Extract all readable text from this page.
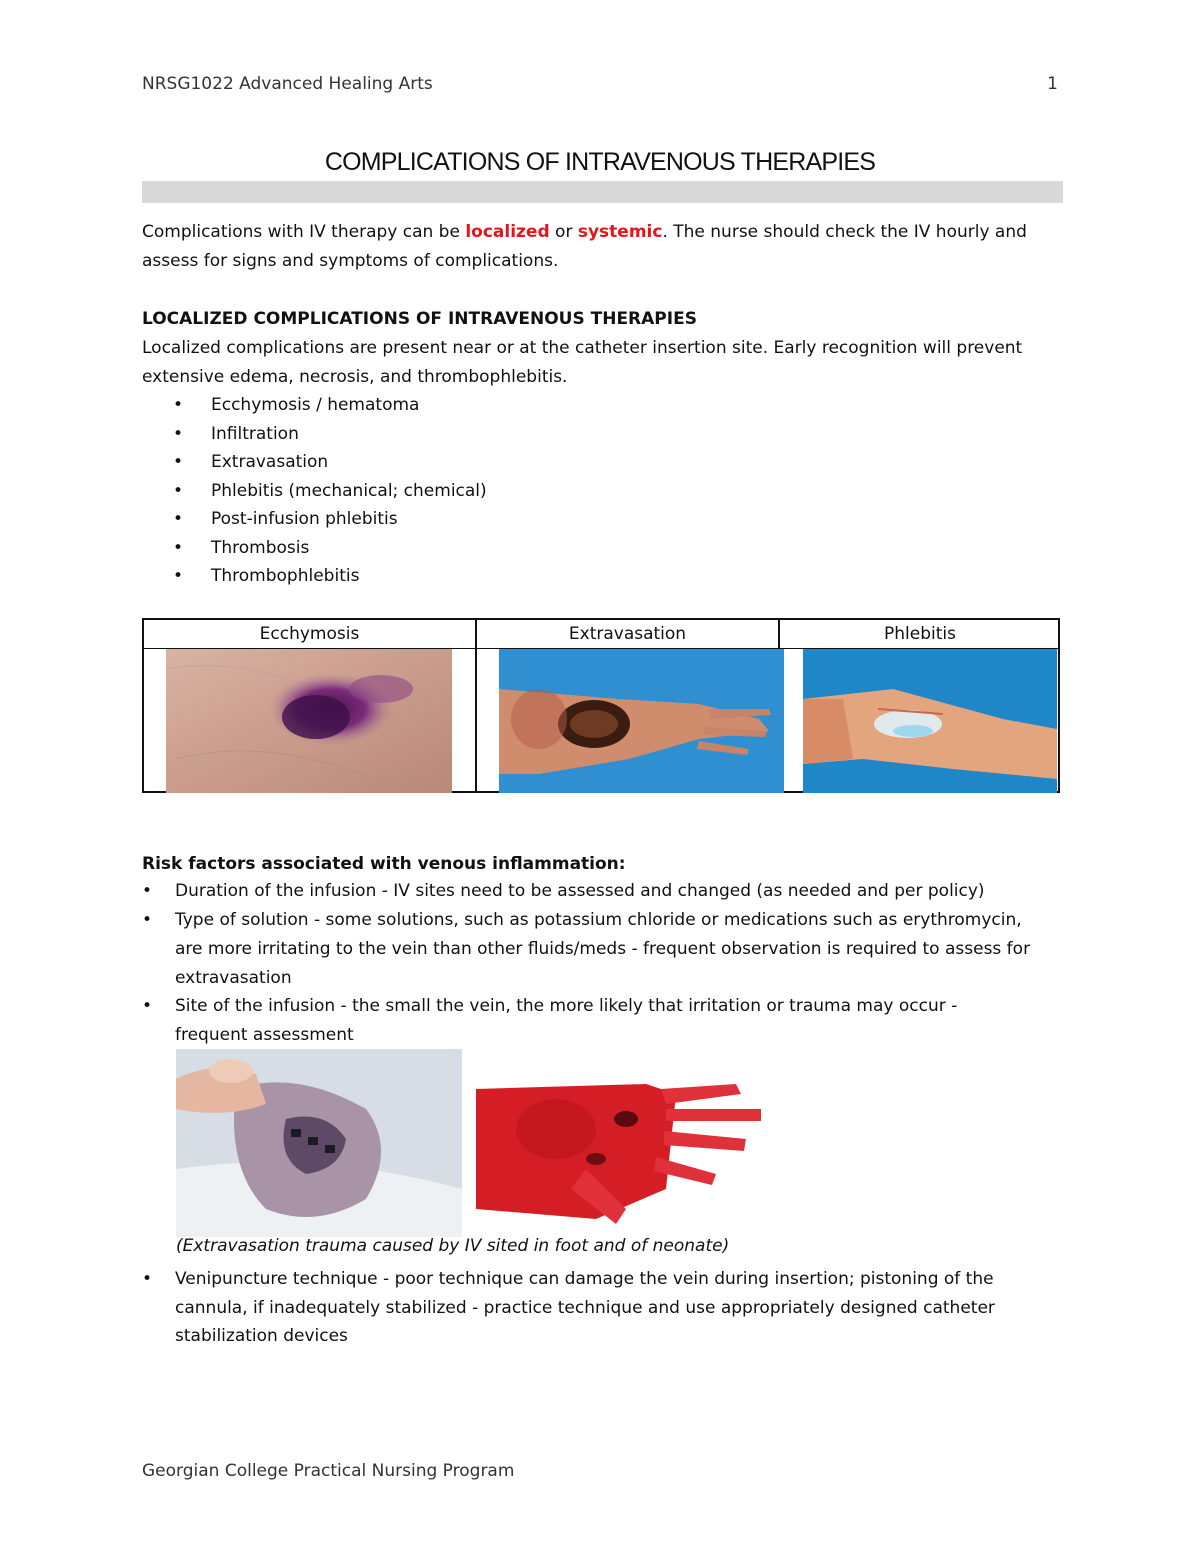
NRSG1022 Advanced Healing Arts	1
COMPLICATIONS OF INTRAVENOUS THERAPIES
Complications with IV therapy can be localized or systemic. The nurse should check the IV hourly and assess for signs and symptoms of complications.
LOCALIZED COMPLICATIONS OF INTRAVENOUS THERAPIES
Localized complications are present near or at the catheter insertion site. Early recognition will prevent extensive edema, necrosis, and thrombophlebitis.
• Ecchymosis / hematoma
• Infiltration
• Extravasation
• Phlebitis (mechanical; chemical)
• Post-infusion phlebitis
• Thrombosis
• Thrombophlebitis
Ecchymosis	Extravasation	Phlebitis
Risk factors associated with venous inflammation:
• Duration of the infusion - IV sites need to be assessed and changed (as needed and per policy)
•	Type of solution - some solutions, such as potassium chloride or medications such as erythromycin,
are more irritating to the vein than other fluids/meds - frequent observation is required to assess for
extravasation
•	Site of the infusion - the small the vein, the more likely that irritation or trauma may occur -
frequent assessment
(Extravasation trauma caused by IV sited in foot and of neonate)
•	Venipuncture technique - poor technique can damage the vein during insertion; pistoning of the
cannula, if inadequately stabilized - practice technique and use appropriately designed catheter
stabilization devices
Georgian College Practical Nursing Program
